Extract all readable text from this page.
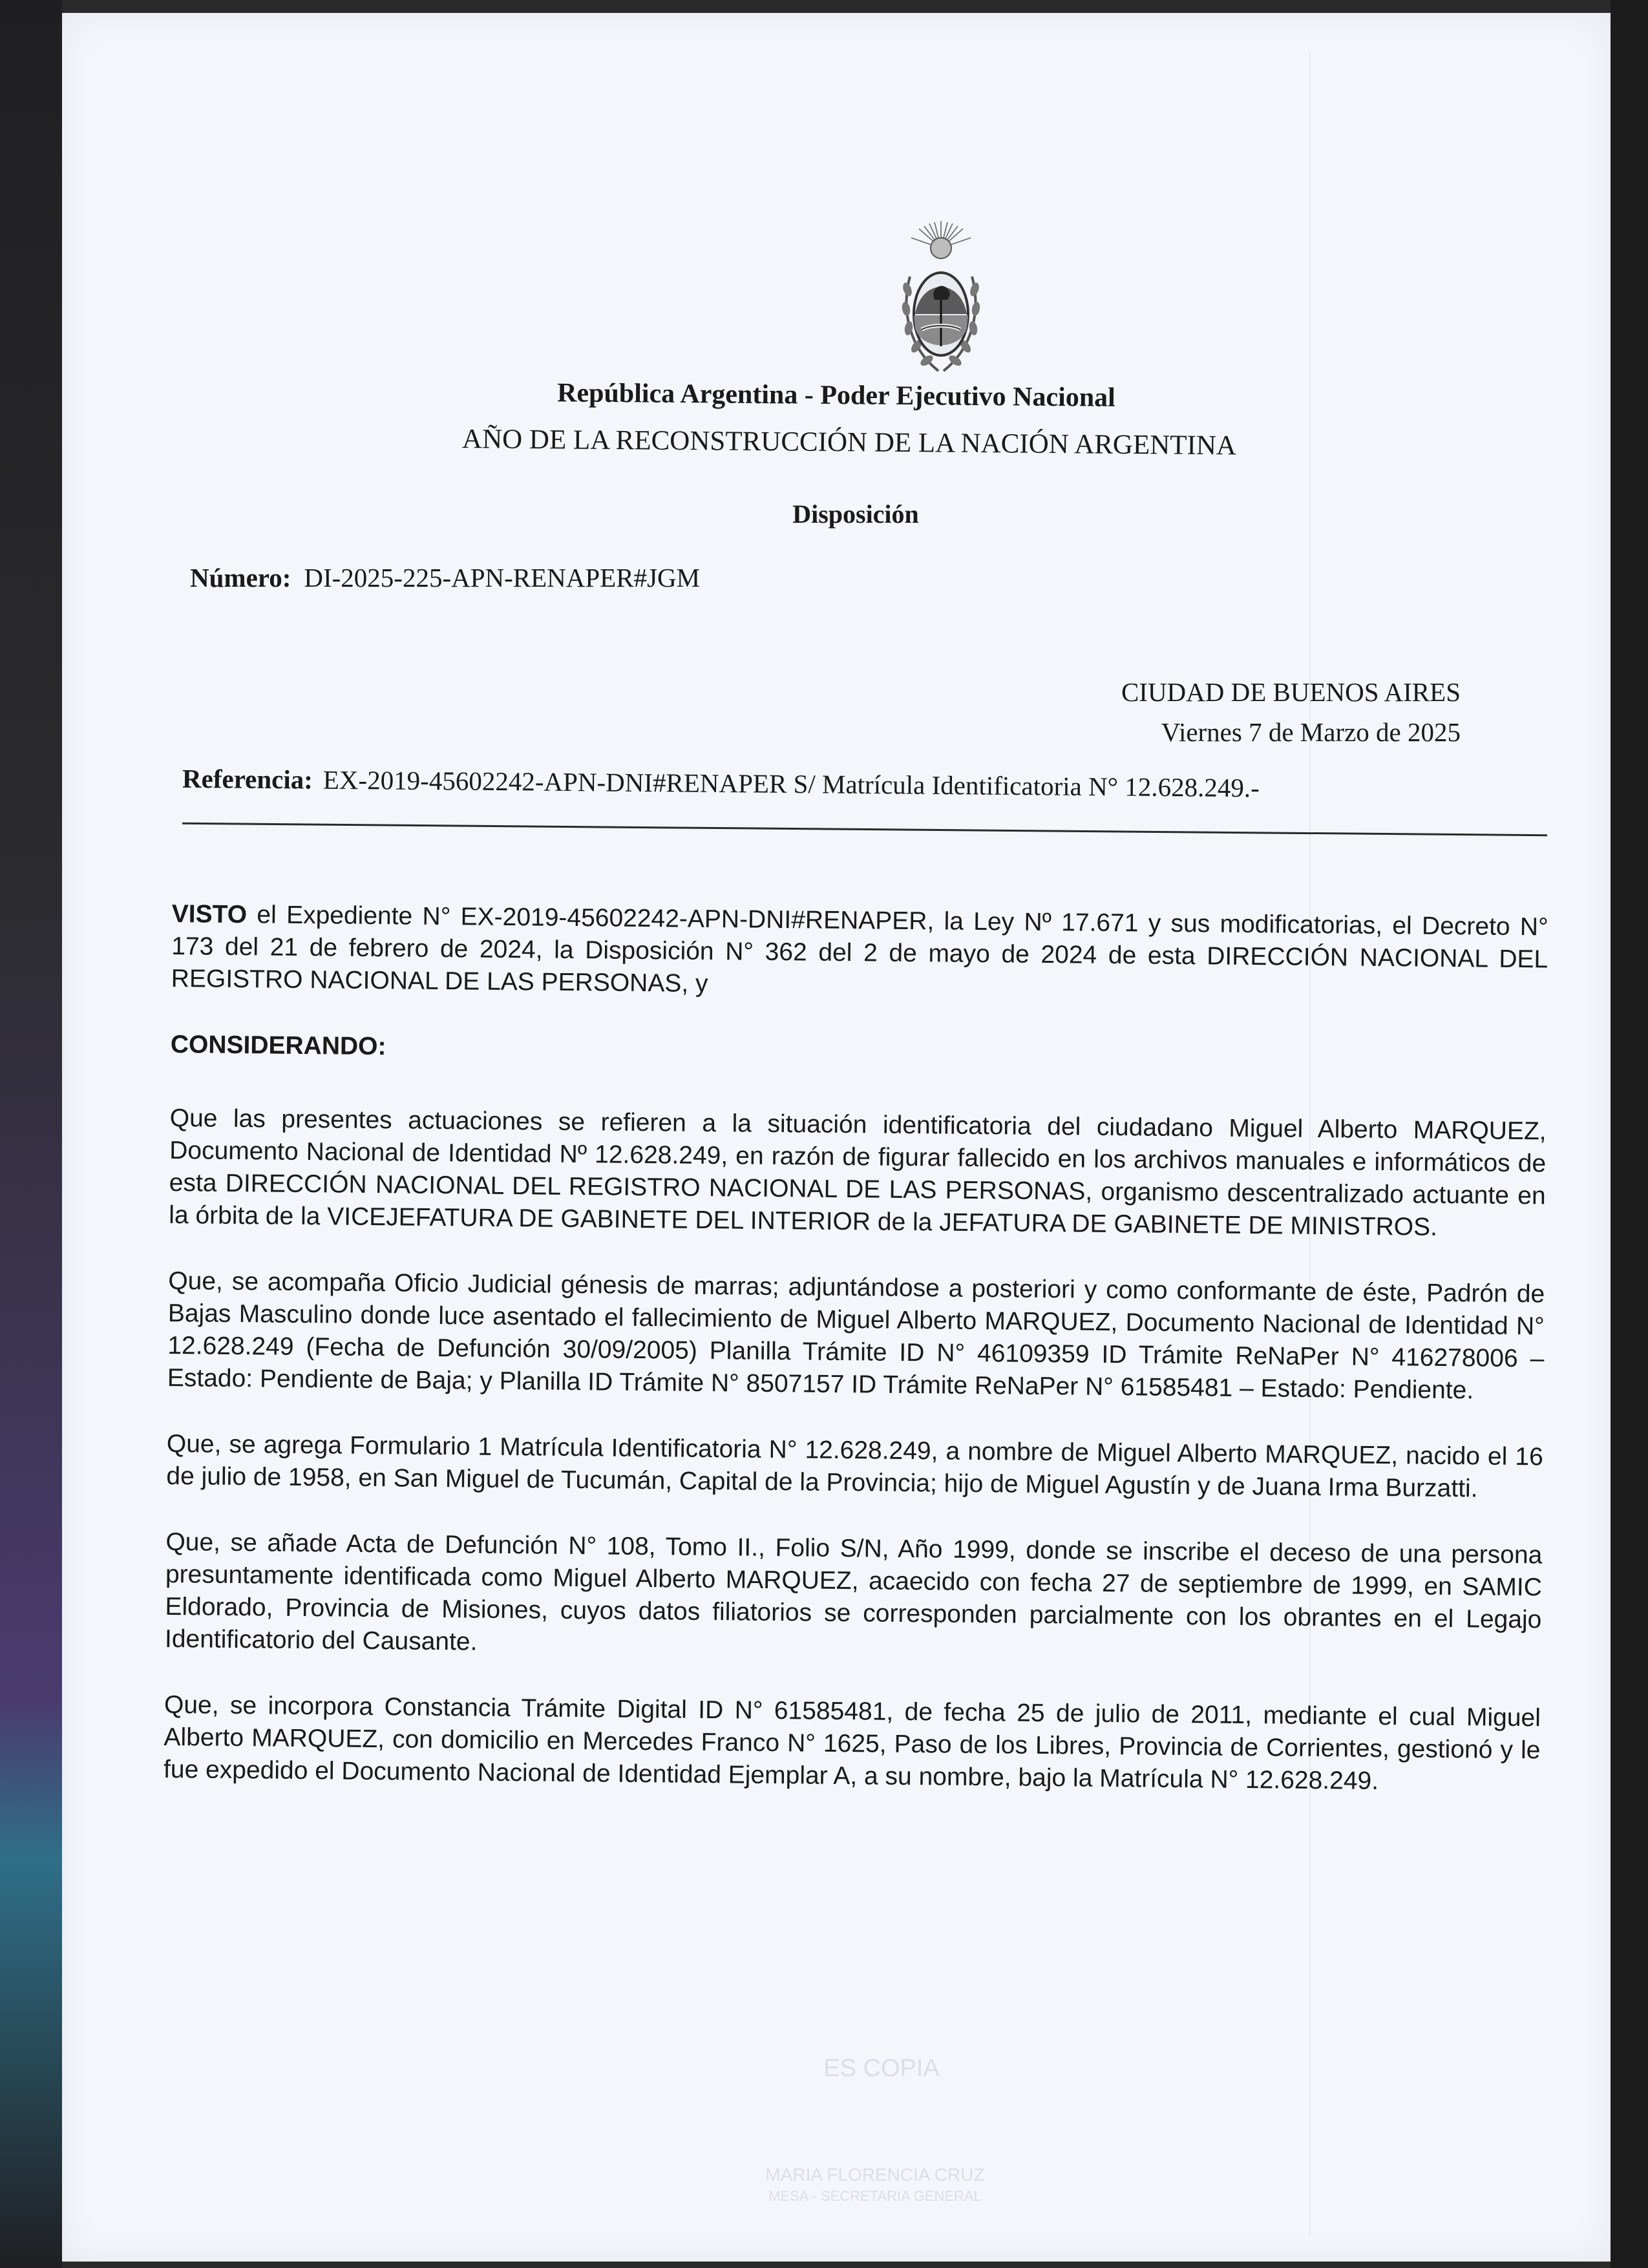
República Argentina - Poder Ejecutivo Nacional
AÑO DE LA RECONSTRUCCIÓN DE LA NACIÓN ARGENTINA
Disposición
Número: DI-2025-225-APN-RENAPER#JGM
CIUDAD DE BUENOS AIRES
Viernes 7 de Marzo de 2025
Referencia: EX-2019-45602242-APN-DNI#RENAPER S/ Matrícula Identificatoria N° 12.628.249.-

VISTO el Expediente N° EX-2019-45602242-APN-DNI#RENAPER, la Ley Nº 17.671 y sus modificatorias, el Decreto N° 173 del 21 de febrero de 2024, la Disposición N° 362 del 2 de mayo de 2024 de esta DIRECCIÓN NACIONAL DEL REGISTRO NACIONAL DE LAS PERSONAS, y

CONSIDERANDO:

Que las presentes actuaciones se refieren a la situación identificatoria del ciudadano Miguel Alberto MARQUEZ, Documento Nacional de Identidad Nº 12.628.249, en razón de figurar fallecido en los archivos manuales e informáticos de esta DIRECCIÓN NACIONAL DEL REGISTRO NACIONAL DE LAS PERSONAS, organismo descentralizado actuante en la órbita de la VICEJEFATURA DE GABINETE DEL INTERIOR de la JEFATURA DE GABINETE DE MINISTROS.

Que, se acompaña Oficio Judicial génesis de marras; adjuntándose a posteriori y como conformante de éste, Padrón de Bajas Masculino donde luce asentado el fallecimiento de Miguel Alberto MARQUEZ, Documento Nacional de Identidad N° 12.628.249 (Fecha de Defunción 30/09/2005) Planilla Trámite ID N° 46109359 ID Trámite ReNaPer N° 416278006 – Estado: Pendiente de Baja; y Planilla ID Trámite N° 8507157 ID Trámite ReNaPer N° 61585481 – Estado: Pendiente.

Que, se agrega Formulario 1 Matrícula Identificatoria N° 12.628.249, a nombre de Miguel Alberto MARQUEZ, nacido el 16 de julio de 1958, en San Miguel de Tucumán, Capital de la Provincia; hijo de Miguel Agustín y de Juana Irma Burzatti.

Que, se añade Acta de Defunción N° 108, Tomo II., Folio S/N, Año 1999, donde se inscribe el deceso de una persona presuntamente identificada como Miguel Alberto MARQUEZ, acaecido con fecha 27 de septiembre de 1999, en SAMIC Eldorado, Provincia de Misiones, cuyos datos filiatorios se corresponden parcialmente con los obrantes en el Legajo Identificatorio del Causante.

Que, se incorpora Constancia Trámite Digital ID N° 61585481, de fecha 25 de julio de 2011, mediante el cual Miguel Alberto MARQUEZ, con domicilio en Mercedes Franco N° 1625, Paso de los Libres, Provincia de Corrientes, gestionó y le fue expedido el Documento Nacional de Identidad Ejemplar A, a su nombre, bajo la Matrícula N° 12.628.249.

ES COPIA
MARIA FLORENCIA CRUZ
MESA - SECRETARIA GENERAL
